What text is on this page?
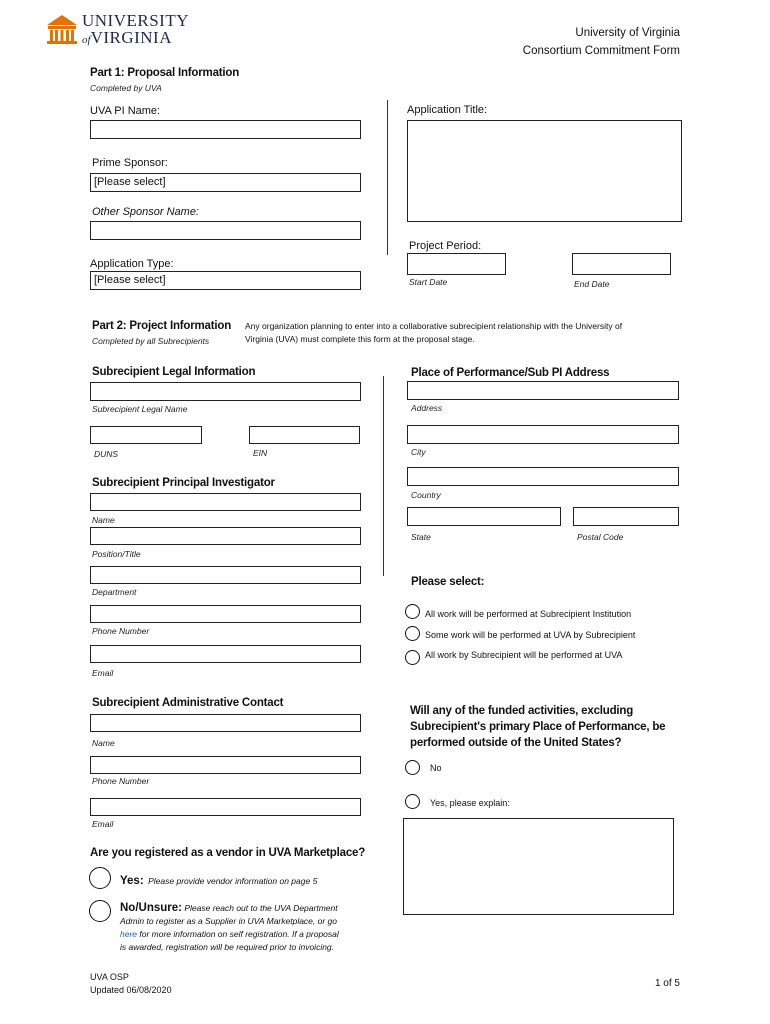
UNIVERSITY
ofVIRGINIA	University of Virginia
Consortium Commitment Form
Part 1: Proposal Information
Completed by UVA
UVA PI Name:	Application Title:
Prime Sponsor:
[Please select]
Other Sponsor Name:
Project Period:
Start Date	End Date
Application Type:
[Please select]
Part 2: Project Information
Completed by all Subrecipients
Any organization planning to enter into a collaborative subrecipient relationship with the University of
Virginia (UVA) must complete this form at the proposal stage.
Subrecipient Legal Information
Subrecipient Legal Name
DUNS	EIN
Place of Performance/Sub PI Address
Address
City
Country
State	Postal Code
Subrecipient Principal Investigator
Name
Position/Title
Department
Phone Number
Email
Please select:
All work will be performed at Subrecipient Institution
Some work will be performed at UVA by Subrecipient
All work by Subrecipient will be performed at UVA
Subrecipient Administrative Contact
Name
Phone Number
Email
Will any of the funded activities, excluding
Subrecipient's primary Place of Performance, be
performed outside of the United States?
No
Yes, please explain:
Are you registered as a vendor in UVA Marketplace?
Yes: Please provide vendor information on page 5
No/Unsure: Please reach out to the UVA Department
Admin to register as a Supplier in UVA Marketplace, or go
here for more information on self registration. If a proposal
is awarded, registration will be required prior to invoicing.
UVA OSP
Updated 06/08/2020
1 of 5
